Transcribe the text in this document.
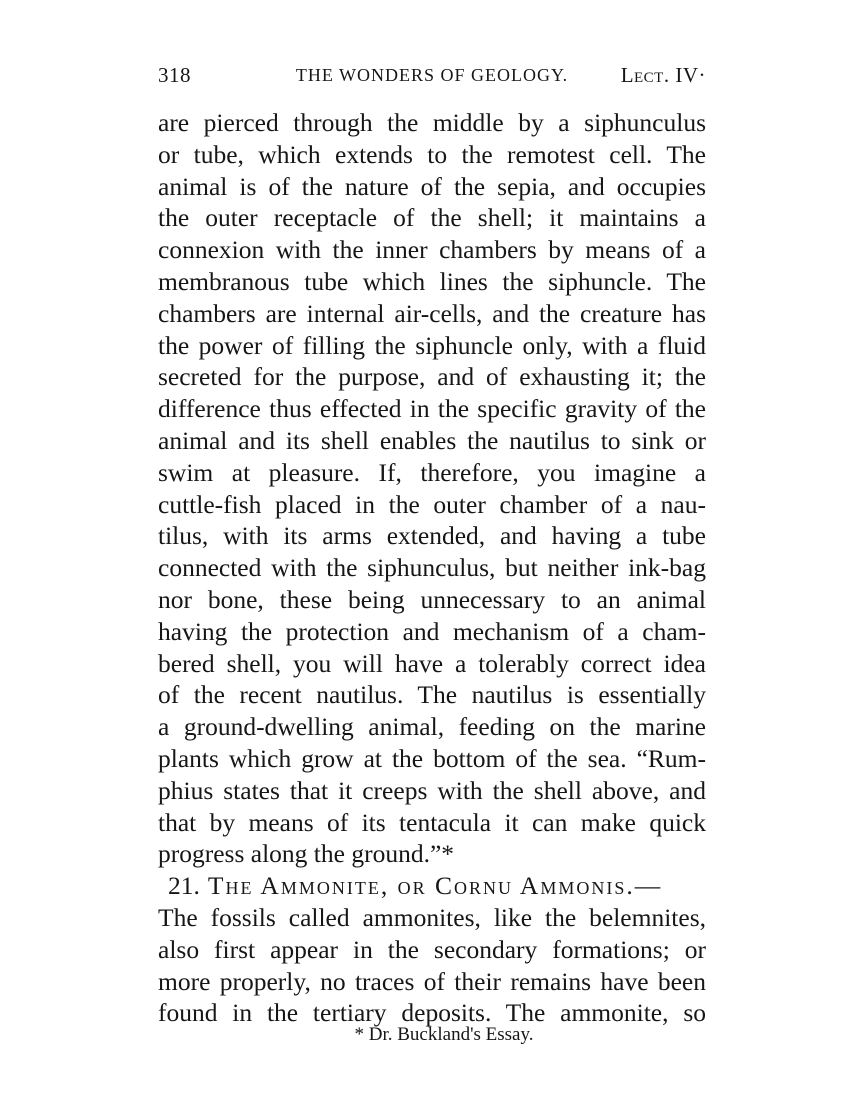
318	THE WONDERS OF GEOLOGY.	Lect. IV·
are pierced through the middle by a siphunculus
or tube, which extends to the remotest cell. The
animal is of the nature of the sepia, and occupies
the outer receptacle of the shell; it maintains a
connexion with the inner chambers by means of a
membranous tube which lines the siphuncle. The
chambers are internal air-cells, and the creature has
the power of filling the siphuncle only, with a fluid
secreted for the purpose, and of exhausting it; the
difference thus effected in the specific gravity of the
animal and its shell enables the nautilus to sink or
swim at pleasure. If, therefore, you imagine a
cuttle-fish placed in the outer chamber of a nau-
tilus, with its arms extended, and having a tube
connected with the siphunculus, but neither ink-bag
nor bone, these being unnecessary to an animal
having the protection and mechanism of a cham-
bered shell, you will have a tolerably correct idea
of the recent nautilus. The nautilus is essentially
a ground-dwelling animal, feeding on the marine
plants which grow at the bottom of the sea. “Rum-
phius states that it creeps with the shell above, and
that by means of its tentacula it can make quick
progress along the ground.”*
21. The Ammonite, or Cornu Ammonis.—
The fossils called ammonites, like the belemnites,
also first appear in the secondary formations; or
more properly, no traces of their remains have been
found in the tertiary deposits. The ammonite, so
* Dr. Buckland's Essay.
